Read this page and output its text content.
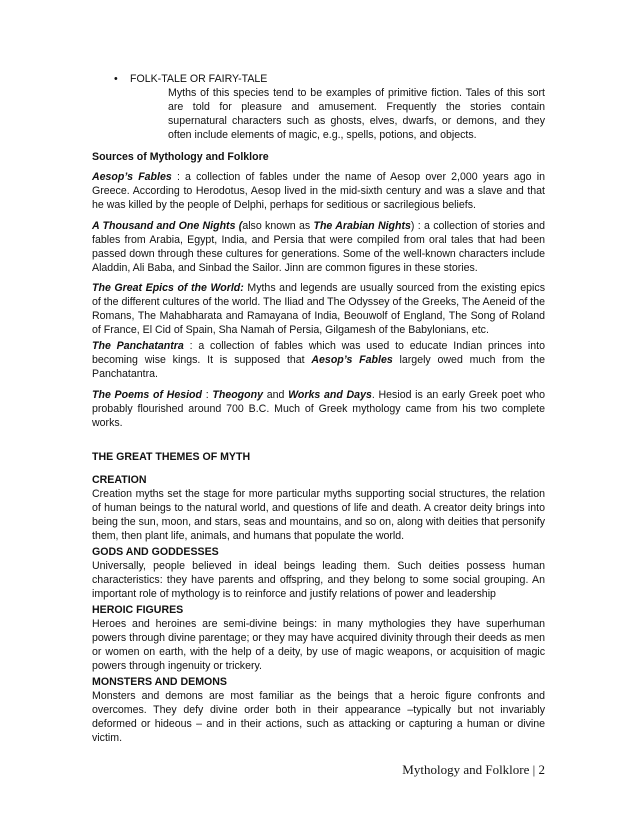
•	FOLK-TALE OR FAIRY-TALE
Myths of this species tend to be examples of primitive fiction. Tales of this sort are told for pleasure and amusement. Frequently the stories contain supernatural characters such as ghosts, elves, dwarfs, or demons, and they often include elements of magic, e.g., spells, potions, and objects.
Sources of Mythology and Folklore
Aesop’s Fables : a collection of fables under the name of Aesop over 2,000 years ago in Greece. According to Herodotus, Aesop lived in the mid-sixth century and was a slave and that he was killed by the people of Delphi, perhaps for seditious or sacrilegious beliefs.
A Thousand and One Nights (also known as The Arabian Nights) : a collection of stories and fables from Arabia, Egypt, India, and Persia that were compiled from oral tales that had been passed down through these cultures for generations. Some of the well-known characters include Aladdin, Ali Baba, and Sinbad the Sailor. Jinn are common figures in these stories.
The Great Epics of the World: Myths and legends are usually sourced from the existing epics of the different cultures of the world. The Iliad and The Odyssey of the Greeks, The Aeneid of the Romans, The Mahabharata and Ramayana of India, Beouwolf of England, The Song of Roland of France, El Cid of Spain, Sha Namah of Persia, Gilgamesh of the Babylonians, etc.
The Panchatantra : a collection of fables which was used to educate Indian princes into becoming wise kings. It is supposed that Aesop’s Fables largely owed much from the Panchatantra.
The Poems of Hesiod : Theogony and Works and Days. Hesiod is an early Greek poet who probably flourished around 700 B.C. Much of Greek mythology came from his two complete works.
THE GREAT THEMES OF MYTH
CREATION
Creation myths set the stage for more particular myths supporting social structures, the relation of human beings to the natural world, and questions of life and death. A creator deity brings into being the sun, moon, and stars, seas and mountains, and so on, along with deities that personify them, then plant life, animals, and humans that populate the world.
GODS AND GODDESSES
Universally, people believed in ideal beings leading them. Such deities possess human characteristics: they have parents and offspring, and they belong to some social grouping. An important role of mythology is to reinforce and justify relations of power and leadership
HEROIC FIGURES
Heroes and heroines are semi-divine beings: in many mythologies they have superhuman powers through divine parentage; or they may have acquired divinity through their deeds as men or women on earth, with the help of a deity, by use of magic weapons, or acquisition of magic powers through ingenuity or trickery.
MONSTERS AND DEMONS
Monsters and demons are most familiar as the beings that a heroic figure confronts and overcomes. They defy divine order both in their appearance –typically but not invariably deformed or hideous – and in their actions, such as attacking or capturing a human or divine victim.
Mythology and Folklore | 2
